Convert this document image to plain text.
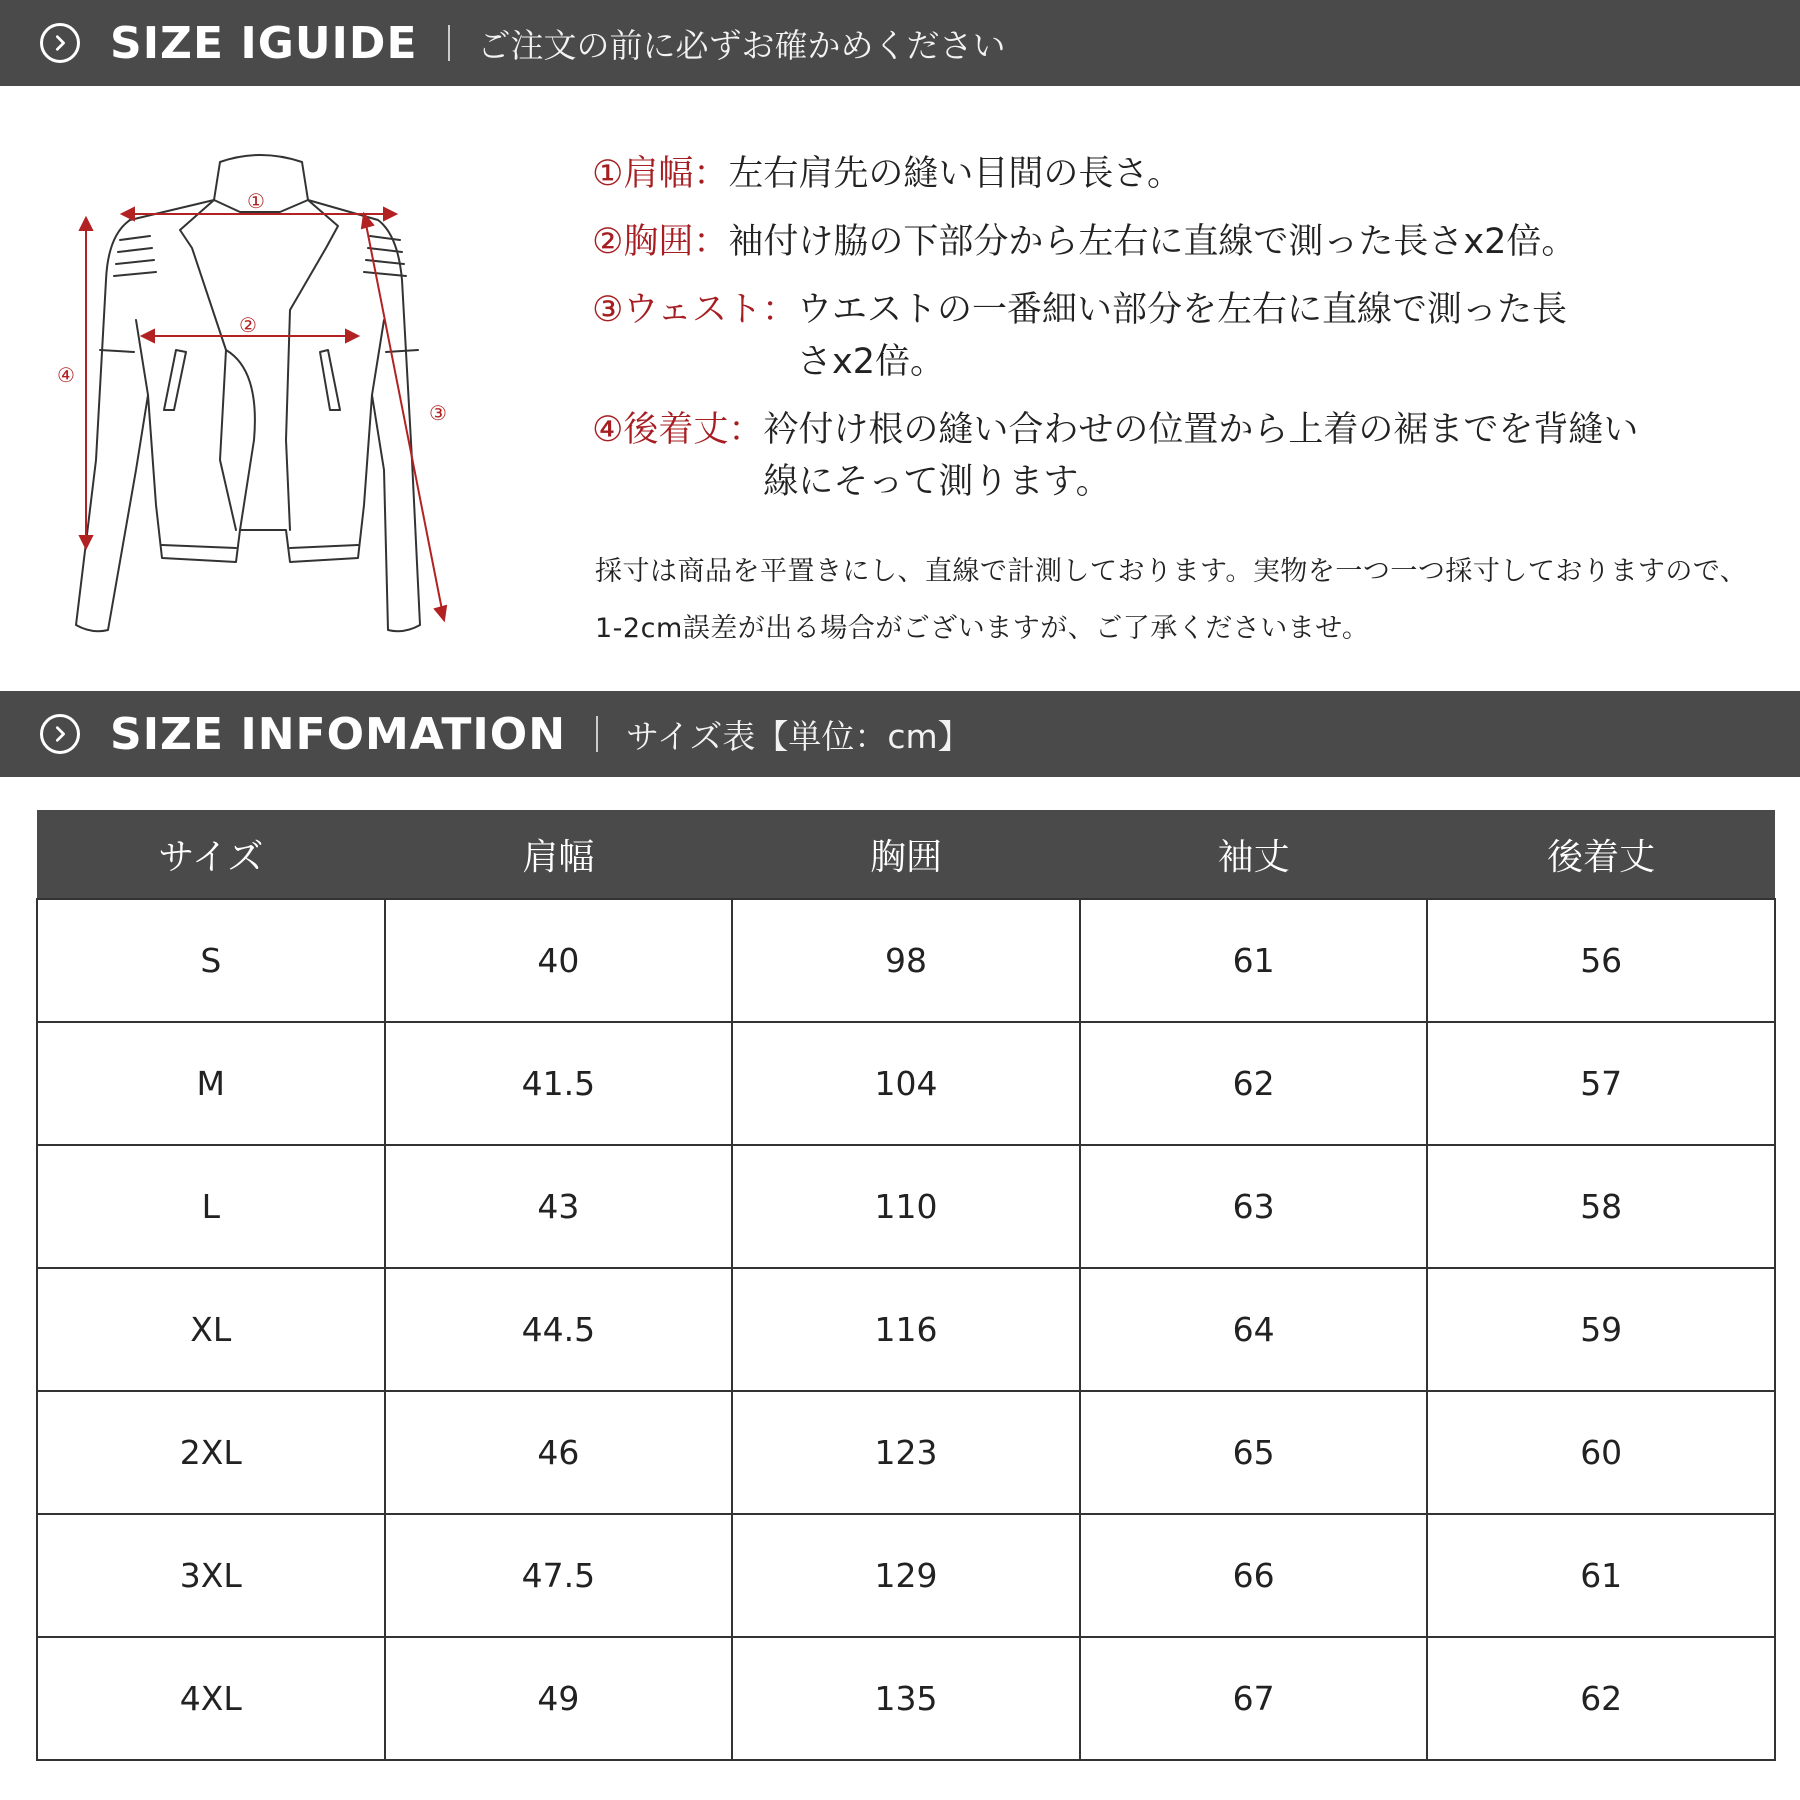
SIZE IGUIDE ご注文の前に必ずお確かめください
①
②
③
④
①肩幅： 左右肩先の縫い目間の長さ。
②胸囲： 袖付け脇の下部分から左右に直線で測った長さx2倍。
③ウェスト： ウエストの一番細い部分を左右に直線で測った長さx2倍。
④後着丈： 衿付け根の縫い合わせの位置から上着の裾までを背縫い線にそって測ります。
採寸は商品を平置きにし、直線で計測しております。実物を一つ一つ採寸しておりますので、1-2cm誤差が出る場合がございますが、ご了承くださいませ。
SIZE INFOMATION サイズ表【単位：cm】
サイズ	肩幅	胸囲	袖丈	後着丈
S	40	98	61	56
M	41.5	104	62	57
L	43	110	63	58
XL	44.5	116	64	59
2XL	46	123	65	60
3XL	47.5	129	66	61
4XL	49	135	67	62
